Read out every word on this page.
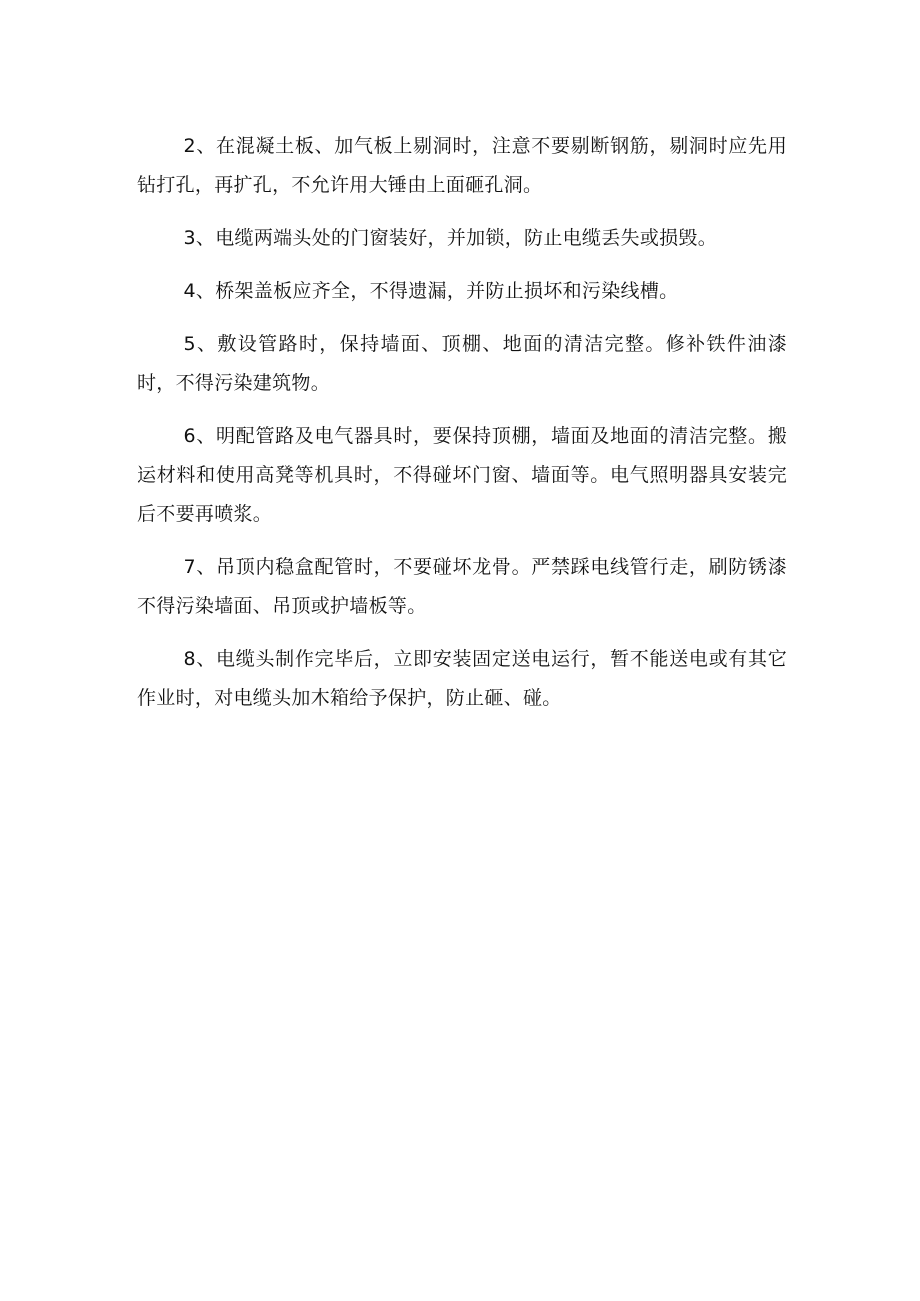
2、在混凝土板、加气板上剔洞时，注意不要剔断钢筋，剔洞时应先用钻打孔，再扩孔，不允许用大锤由上面砸孔洞。

3、电缆两端头处的门窗装好，并加锁，防止电缆丢失或损毁。

4、桥架盖板应齐全，不得遗漏，并防止损坏和污染线槽。

5、敷设管路时，保持墙面、顶棚、地面的清洁完整。修补铁件油漆时，不得污染建筑物。

6、明配管路及电气器具时，要保持顶棚，墙面及地面的清洁完整。搬运材料和使用高凳等机具时，不得碰坏门窗、墙面等。电气照明器具安装完后不要再喷浆。

7、吊顶内稳盒配管时，不要碰坏龙骨。严禁踩电线管行走，刷防锈漆不得污染墙面、吊顶或护墙板等。

8、电缆头制作完毕后，立即安装固定送电运行，暂不能送电或有其它作业时，对电缆头加木箱给予保护，防止砸、碰。
